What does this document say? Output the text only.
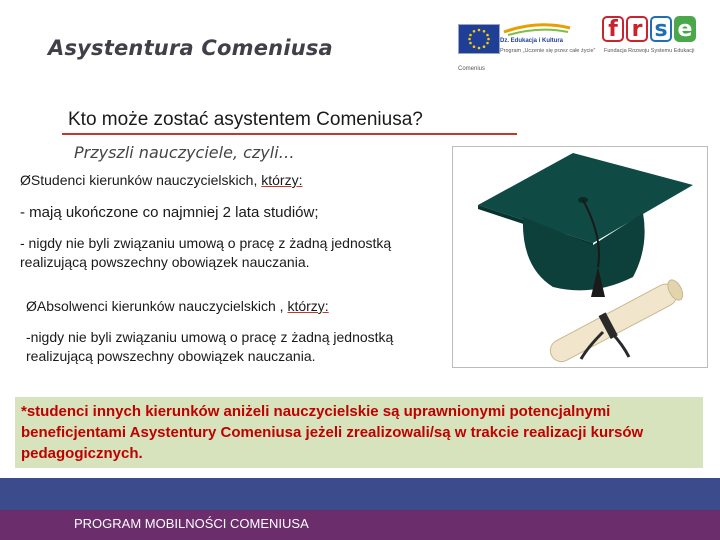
Asystentura Comeniusa	Dz. Edukacja i Kultura
Program „Uczenie się przez całe życie”
Comenius
f r s e
Fundacja Rozwoju Systemu Edukacji
Kto może zostać asystentem Comeniusa?
Przyszli nauczyciele, czyli…
ØStudenci kierunków nauczycielskich, którzy:
- mają ukończone co najmniej 2 lata studiów;
- nigdy nie byli związaniu umową o pracę z żadną jednostką realizującą powszechny obowiązek nauczania.
ØAbsolwenci kierunków nauczycielskich , którzy:
-nigdy nie byli związaniu umową o pracę z żadną jednostką realizującą powszechny obowiązek nauczania.
*studenci innych kierunków aniżeli nauczycielskie są uprawnionymi potencjalnymi beneficjentami Asystentury Comeniusa jeżeli zrealizowali/są w trakcie realizacji kursów pedagogicznych.
PROGRAM MOBILNOŚCI COMENIUSA
